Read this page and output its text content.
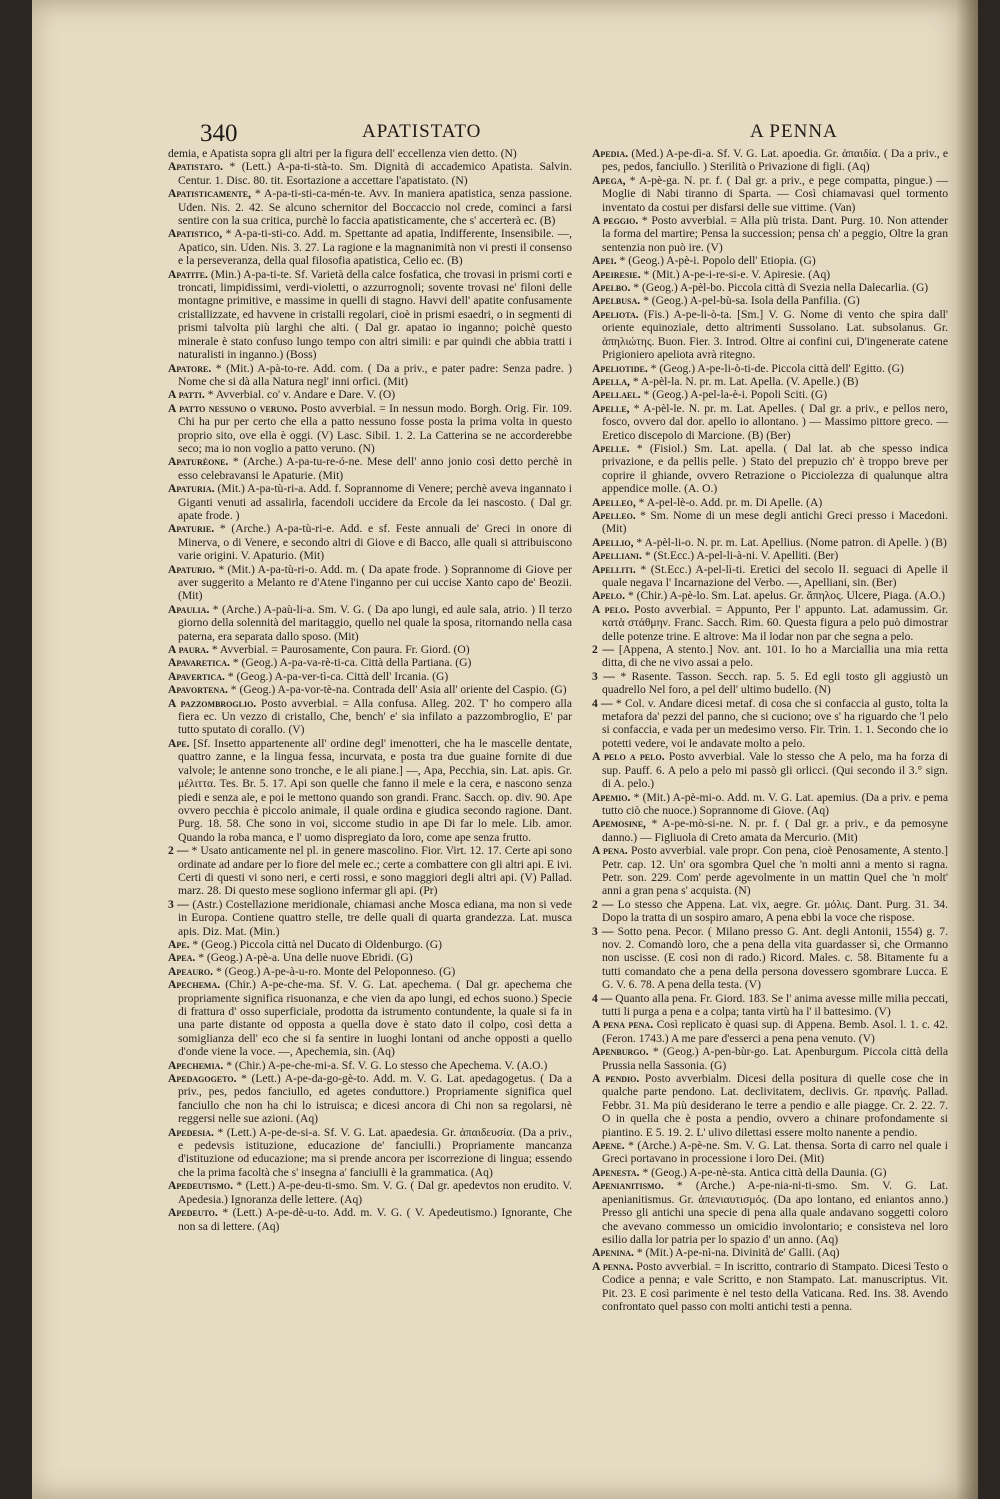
340	APATISTATO	A PENNA
demia, e Apatista sopra gli altri per la figura dell' eccellenza vien detto. (N)
Apatistato. * (Lett.) A-pa-ti-stà-to. Sm. Dignità di accademico Apatista. Salvin. Centur. 1. Disc. 80. tit. Esortazione a accettare l'apatistato. (N)
Apatisticamente, * A-pa-ti-sti-ca-mén-te. Avv. In maniera apatistica, senza passione. Uden. Nis. 2. 42. Se alcuno schernitor del Boccaccio nol crede, cominci a farsi sentire con la sua critica, purchè lo faccia apatisticamente, che s' accerterà ec. (B)
Apatistico, * A-pa-ti-sti-co. Add. m. Spettante ad apatia, Indifferente, Insensibile. —, Apatico, sin. Uden. Nis. 3. 27. La ragione e la magnanimità non vi presti il consenso e la perseveranza, della qual filosofia apatistica, Celio ec. (B)
Apatite. (Min.) A-pa-ti-te. Sf. Varietà della calce fosfatica, che trovasi in prismi corti e troncati, limpidissimi, verdi-violetti, o azzurrognoli; sovente trovasi ne' filoni delle montagne primitive, e massime in quelli di stagno. Havvi dell' apatite confusamente cristallizzate, ed havvene in cristalli regolari, cioè in prismi esaedri, o in segmenti di prismi talvolta più larghi che alti. ( Dal gr. apatao io inganno; poichè questo minerale è stato confuso lungo tempo con altri simili: e par quindi che abbia tratti i naturalisti in inganno.) (Boss)
Apatore. * (Mit.) A-pà-to-re. Add. com. ( Da a priv., e pater padre: Senza padre. ) Nome che si dà alla Natura negl' inni orfici. (Mit)
A patti. * Avverbial. co' v. Andare e Dare. V. (O)
A patto nessuno o veruno. Posto avverbial. = In nessun modo. Borgh. Orig. Fir. 109. Chi ha pur per certo che ella a patto nessuno fosse posta la prima volta in questo proprio sito, ove ella è oggi. (V) Lasc. Sibil. 1. 2. La Catterina se ne accorderebbe seco; ma io non voglio a patto veruno. (N)
Apaturèone. * (Arche.) A-pa-tu-re-ó-ne. Mese dell' anno jonio così detto perchè in esso celebravansi le Apaturie. (Mit)
Apaturia. (Mit.) A-pa-tù-ri-a. Add. f. Soprannome di Venere; perchè aveva ingannato i Giganti venuti ad assalirla, facendoli uccidere da Ercole da lei nascosto. ( Dal gr. apate frode. )
Apaturie. * (Arche.) A-pa-tù-ri-e. Add. e sf. Feste annuali de' Greci in onore di Minerva, o di Venere, e secondo altri di Giove e di Bacco, alle quali si attribuiscono varie origini. V. Apaturio. (Mit)
Apaturio. * (Mit.) A-pa-tù-ri-o. Add. m. ( Da apate frode. ) Soprannome di Giove per aver suggerito a Melanto re d'Atene l'inganno per cui uccise Xanto capo de' Beozii. (Mit)
Apaulia. * (Arche.) A-paù-li-a. Sm. V. G. ( Da apo lungi, ed aule sala, atrio. ) Il terzo giorno della solennità del maritaggio, quello nel quale la sposa, ritornando nella casa paterna, era separata dallo sposo. (Mit)
A paura. * Avverbial. = Paurosamente, Con paura. Fr. Giord. (O)
Apavaretica. * (Geog.) A-pa-va-rè-ti-ca. Città della Partiana. (G)
Apavertica. * (Geog.) A-pa-ver-tì-ca. Città dell' Ircania. (G)
Apavortena. * (Geog.) A-pa-vor-tè-na. Contrada dell' Asia all' oriente del Caspio. (G)
A pazzombroglio. Posto avverbial. = Alla confusa. Alleg. 202. T' ho compero alla fiera ec. Un vezzo di cristallo, Che, bench' e' sia infilato a pazzombroglio, E' par tutto sputato di corallo. (V)
Ape. [Sf. Insetto appartenente all' ordine degl' imenotteri, che ha le mascelle dentate, quattro zanne, e la lingua fessa, incurvata, e posta tra due guaine fornite di due valvole; le antenne sono tronche, e le ali piane.] —, Apa, Pecchia, sin. Lat. apis. Gr. μέλιττα. Tes. Br. 5. 17. Api son quelle che fanno il mele e la cera, e nascono senza piedi e senza ale, e poi le mettono quando son grandi. Franc. Sacch. op. div. 90. Ape ovvero pecchia è piccolo animale, il quale ordina e giudica secondo ragione. Dant. Purg. 18. 58. Che sono in voi, siccome studio in ape Di far lo mele. Lib. amor. Quando la roba manca, e l' uomo dispregiato da loro, come ape senza frutto.
2 — * Usato anticamente nel pl. in genere mascolino. Fior. Virt. 12. 17. Certe api sono ordinate ad andare per lo fiore del mele ec.; certe a combattere con gli altri api. E ivi. Certi di questi vi sono neri, e certi rossi, e sono maggiori degli altri api. (V) Pallad. marz. 28. Di questo mese sogliono infermar gli api. (Pr)
3 — (Astr.) Costellazione meridionale, chiamasi anche Mosca ediana, ma non si vede in Europa. Contiene quattro stelle, tre delle quali di quarta grandezza. Lat. musca apis. Diz. Mat. (Min.)
Ape. * (Geog.) Piccola città nel Ducato di Oldenburgo. (G)
Apea. * (Geog.) A-pè-a. Una delle nuove Ebridi. (G)
Apeauro. * (Geog.) A-pe-à-u-ro. Monte del Peloponneso. (G)
Apechema. (Chir.) A-pe-che-ma. Sf. V. G. Lat. apechema. ( Dal gr. apechema che propriamente significa risuonanza, e che vien da apo lungi, ed echos suono.) Specie di frattura d' osso superficiale, prodotta da istrumento contundente, la quale si fa in una parte distante od opposta a quella dove è stato dato il colpo, così detta a somiglianza dell' eco che si fa sentire in luoghi lontani od anche opposti a quello d'onde viene la voce. —, Apechemia, sin. (Aq)
Apechemia. * (Chir.) A-pe-che-mi-a. Sf. V. G. Lo stesso che Apechema. V. (A.O.)
Apedagogeto. * (Lett.) A-pe-da-go-gè-to. Add. m. V. G. Lat. apedagogetus. ( Da a priv., pes, pedos fanciullo, ed agetes conduttore.) Propriamente significa quel fanciullo che non ha chi lo istruisca; e dicesi ancora di Chi non sa regolarsi, nè reggersi nelle sue azioni. (Aq)
Apedesia. * (Lett.) A-pe-de-si-a. Sf. V. G. Lat. apaedesia. Gr. ἀπαιδευσία. (Da a priv., e pedevsis istituzione, educazione de' fanciulli.) Propriamente mancanza d'istituzione od educazione; ma si prende ancora per iscorrezione di lingua; essendo che la prima facoltà che s' insegna a' fanciulli è la grammatica. (Aq)
Apedeutismo. * (Lett.) A-pe-deu-ti-smo. Sm. V. G. ( Dal gr. apedevtos non erudito. V. Apedesia.) Ignoranza delle lettere. (Aq)
Apedeuto. * (Lett.) A-pe-dè-u-to. Add. m. V. G. ( V. Apedeutismo.) Ignorante, Che non sa di lettere. (Aq)
Apedia. (Med.) A-pe-dì-a. Sf. V. G. Lat. apoedia. Gr. ἀπαιδία. ( Da a priv., e pes, pedos, fanciullo. ) Sterilità o Privazione di figli. (Aq)
Apega, * A-pè-ga. N. pr. f. ( Dal gr. a priv., e pege compatta, pingue.) — Moglie di Nabi tiranno di Sparta. — Così chiamavasi quel tormento inventato da costui per disfarsi delle sue vittime. (Van)
A peggio. * Posto avverbial. = Alla più trista. Dant. Purg. 10. Non attender la forma del martire; Pensa la succession; pensa ch' a peggio, Oltre la gran sentenzia non può ire. (V)
Apei. * (Geog.) A-pè-i. Popolo dell' Etiopia. (G)
Apeiresie. * (Mit.) A-pe-i-re-si-e. V. Apiresie. (Aq)
Apelbo. * (Geog.) A-pèl-bo. Piccola città di Svezia nella Dalecarlia. (G)
Apelbusa. * (Geog.) A-pel-bù-sa. Isola della Panfilia. (G)
Apeliota. (Fis.) A-pe-li-ò-ta. [Sm.] V. G. Nome di vento che spira dall' oriente equinoziale, detto altrimenti Sussolano. Lat. subsolanus. Gr. ἀπηλιώτης. Buon. Fier. 3. Introd. Oltre ai confini cui, D'ingenerate catene Prigioniero apeliota avrà ritegno.
Apeliotide. * (Geog.) A-pe-li-ò-ti-de. Piccola città dell' Egitto. (G)
Apella, * A-pèl-la. N. pr. m. Lat. Apella. (V. Apelle.) (B)
Apellael. * (Geog.) A-pel-la-è-i. Popoli Sciti. (G)
Apelle, * A-pèl-le. N. pr. m. Lat. Apelles. ( Dal gr. a priv., e pellos nero, fosco, ovvero dal dor. apello io allontano. ) — Massimo pittore greco. — Eretico discepolo di Marcione. (B) (Ber)
Apelle. * (Fisiol.) Sm. Lat. apella. ( Dal lat. ab che spesso indica privazione, e da pellis pelle. ) Stato del prepuzio ch' è troppo breve per coprire il ghiande, ovvero Retrazione o Picciolezza di qualunque altra appendice molle. (A. O.)
Apelleo, * A-pel-lè-o. Add. pr. m. Di Apelle. (A)
Apelleo. * Sm. Nome di un mese degli antichi Greci presso i Macedoni. (Mit)
Apellio, * A-pèl-li-o. N. pr. m. Lat. Apellius. (Nome patron. di Apelle. ) (B)
Apelliani. * (St.Ecc.) A-pel-li-à-ni. V. Apelliti. (Ber)
Apelliti. * (St.Ecc.) A-pel-lì-ti. Eretici del secolo II. seguaci di Apelle il quale negava l' Incarnazione del Verbo. —, Apelliani, sin. (Ber)
Apelo. * (Chir.) A-pè-lo. Sm. Lat. apelus. Gr. ἄπηλος. Ulcere, Piaga. (A.O.)
A pelo. Posto avverbial. = Appunto, Per l' appunto. Lat. adamussim. Gr. κατὰ στάθμην. Franc. Sacch. Rim. 60. Questa figura a pelo può dimostrar delle potenze trine. E altrove: Ma il lodar non par che segna a pelo.
2 — [Appena, A stento.] Nov. ant. 101. Io ho a Marciallia una mia retta ditta, di che ne vivo assai a pelo.
3 — * Rasente. Tasson. Secch. rap. 5. 5. Ed egli tosto gli aggiustò un quadrello Nel foro, a pel dell' ultimo budello. (N)
4 — * Col. v. Andare dicesi metaf. di cosa che si confaccia al gusto, tolta la metafora da' pezzi del panno, che si cuciono; ove s' ha riguardo che 'l pelo si confaccia, e vada per un medesimo verso. Fir. Trin. 1. 1. Secondo che io potetti vedere, voi le andavate molto a pelo.
A pelo a pelo. Posto avverbial. Vale lo stesso che A pelo, ma ha forza di sup. Pauff. 6. A pelo a pelo mi passò gli orlicci. (Qui secondo il 3.° sign. di A. pelo.)
Apemio. * (Mit.) A-pè-mi-o. Add. m. V. G. Lat. apemius. (Da a priv. e pema tutto ciò che nuoce.) Soprannome di Giove. (Aq)
Apemosine, * A-pe-mò-si-ne. N. pr. f. ( Dal gr. a priv., e da pemosyne danno.) — Figliuola di Creto amata da Mercurio. (Mit)
A pena. Posto avverbial. vale propr. Con pena, cioè Penosamente, A stento.] Petr. cap. 12. Un' ora sgombra Quel che 'n molti anni a mento si ragna. Petr. son. 229. Com' perde agevolmente in un mattin Quel che 'n molt' anni a gran pena s' acquista. (N)
2 — Lo stesso che Appena. Lat. vix, aegre. Gr. μόλις. Dant. Purg. 31. 34. Dopo la tratta di un sospiro amaro, A pena ebbi la voce che rispose.
3 — Sotto pena. Pecor. ( Milano presso G. Ant. degli Antonii, 1554) g. 7. nov. 2. Comandò loro, che a pena della vita guardasser sì, che Ormanno non uscisse. (E così non di rado.) Ricord. Males. c. 58. Bitamente fu a tutti comandato che a pena della persona dovessero sgombrare Lucca. E G. V. 6. 78. A pena della testa. (V)
4 — Quanto alla pena. Fr. Giord. 183. Se l' anima avesse mille milia peccati, tutti li purga a pena e a colpa; tanta virtù ha l' il battesimo. (V)
A pena pena. Così replicato è quasi sup. di Appena. Bemb. Asol. l. 1. c. 42. (Feron. 1743.) A me pare d'esserci a pena pena venuto. (V)
Apenburgo. * (Geog.) A-pen-bùr-go. Lat. Apenburgum. Piccola città della Prussia nella Sassonia. (G)
A pendio. Posto avverbialm. Dicesi della positura di quelle cose che in qualche parte pendono. Lat. declivitatem, declivis. Gr. πρανής. Pallad. Febbr. 31. Ma più desiderano le terre a pendio e alle piagge. Cr. 2. 22. 7. O in quella che è posta a pendio, ovvero a chinare profondamente si piantino. E 5. 19. 2. L' ulivo dilettasi essere molto nanente a pendio.
Apene. * (Arche.) A-pè-ne. Sm. V. G. Lat. thensa. Sorta di carro nel quale i Greci portavano in processione i loro Dei. (Mit)
Apenesta. * (Geog.) A-pe-nè-sta. Antica città della Daunia. (G)
Apenianitismo. * (Arche.) A-pe-nia-ni-ti-smo. Sm. V. G. Lat. apenianitismus. Gr. ἀπενιαυτισμός. (Da apo lontano, ed eniantos anno.) Presso gli antichi una specie di pena alla quale andavano soggetti coloro che avevano commesso un omicidio involontario; e consisteva nel loro esilio dalla lor patria per lo spazio d' un anno. (Aq)
Apenina. * (Mit.) A-pe-nì-na. Divinità de' Galli. (Aq)
A penna. Posto avverbial. = In iscritto, contrario di Stampato. Dicesi Testo o Codice a penna; e vale Scritto, e non Stampato. Lat. manuscriptus. Vit. Pit. 23. E così parimente è nel testo della Vaticana. Red. Ins. 38. Avendo confrontato quel passo con molti antichi testi a penna.
